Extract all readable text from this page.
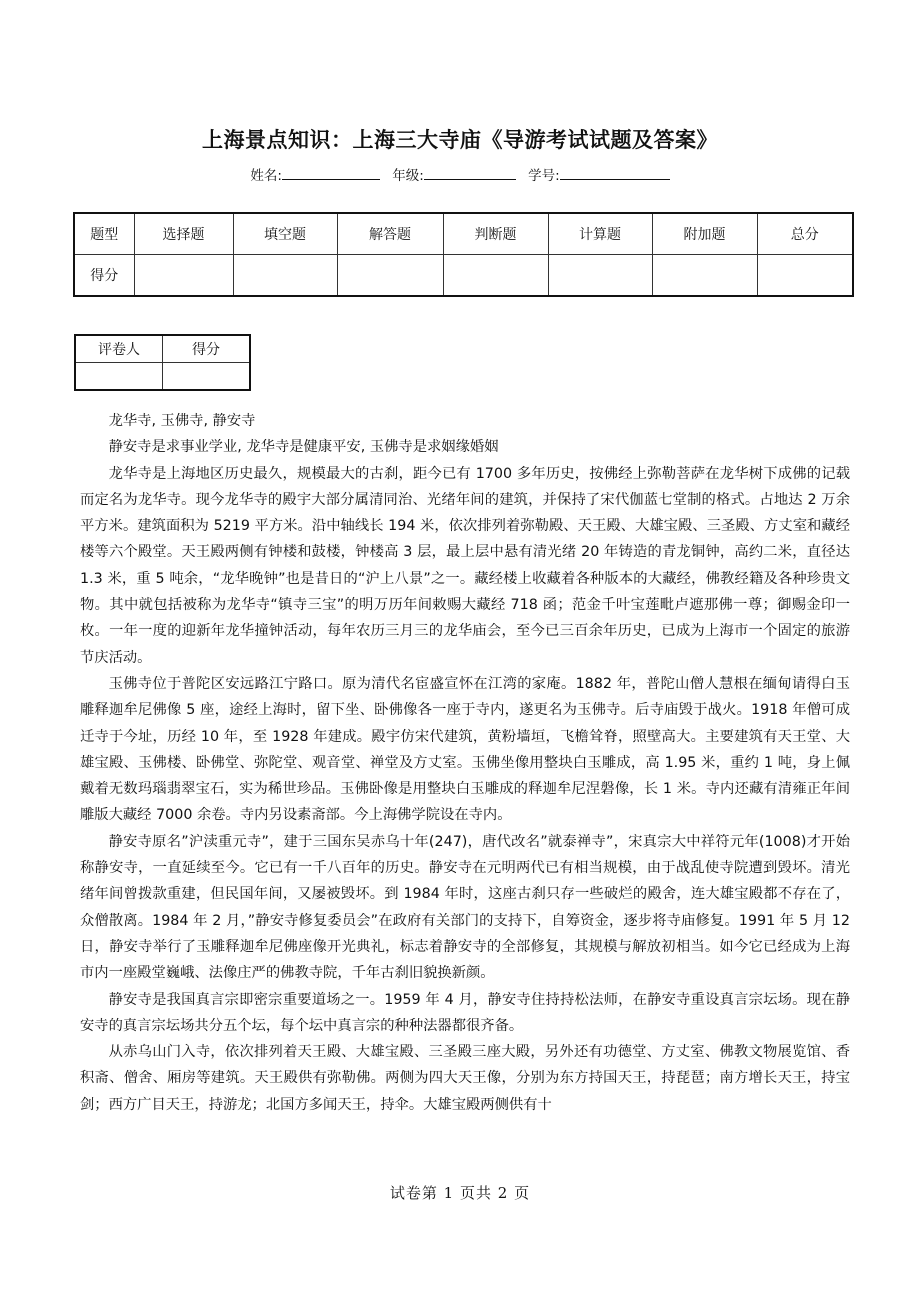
上海景点知识：上海三大寺庙《导游考试试题及答案》
姓名:	年级:	学号:
题型	选择题	填空题	解答题	判断题	计算题	附加题	总分
得分							
评卷人	得分

龙华寺, 玉佛寺, 静安寺

静安寺是求事业学业, 龙华寺是健康平安, 玉佛寺是求姻缘婚姻

龙华寺是上海地区历史最久，规模最大的古刹，距今已有 1700 多年历史，按佛经上弥勒菩萨在龙华树下成佛的记载而定名为龙华寺。现今龙华寺的殿宇大部分属清同治、光绪年间的建筑，并保持了宋代伽蓝七堂制的格式。占地达 2 万余平方米。建筑面积为 5219 平方米。沿中轴线长 194 米，依次排列着弥勒殿、天王殿、大雄宝殿、三圣殿、方丈室和藏经楼等六个殿堂。天王殿两侧有钟楼和鼓楼，钟楼高 3 层，最上层中悬有清光绪 20 年铸造的青龙铜钟，高约二米，直径达 1.3 米，重 5 吨余，“龙华晚钟”也是昔日的“沪上八景”之一。藏经楼上收藏着各种版本的大藏经，佛教经籍及各种珍贵文物。其中就包括被称为龙华寺“镇寺三宝”的明万历年间敕赐大藏经 718 函；范金千叶宝莲毗卢遮那佛一尊；御赐金印一枚。一年一度的迎新年龙华撞钟活动，每年农历三月三的龙华庙会，至今已三百余年历史，已成为上海市一个固定的旅游节庆活动。

玉佛寺位于普陀区安远路江宁路口。原为清代名宦盛宣怀在江湾的家庵。1882 年，普陀山僧人慧根在缅甸请得白玉雕释迦牟尼佛像 5 座，途经上海时，留下坐、卧佛像各一座于寺内，遂更名为玉佛寺。后寺庙毁于战火。1918 年僧可成迁寺于今址，历经 10 年，至 1928 年建成。殿宇仿宋代建筑，黄粉墙垣，飞檐耸脊，照壁高大。主要建筑有天王堂、大雄宝殿、玉佛楼、卧佛堂、弥陀堂、观音堂、禅堂及方丈室。玉佛坐像用整块白玉雕成，高 1.95 米，重约 1 吨，身上佩戴着无数玛瑙翡翠宝石，实为稀世珍品。玉佛卧像是用整块白玉雕成的释迦牟尼涅磐像，长 1 米。寺内还藏有清雍正年间雕版大藏经 7000 余卷。寺内另设素斋部。今上海佛学院设在寺内。

静安寺原名”沪渎重元寺”，建于三国东吴赤乌十年(247)，唐代改名”就泰禅寺”，宋真宗大中祥符元年(1008)才开始称静安寺，一直延续至今。它已有一千八百年的历史。静安寺在元明两代已有相当规模，由于战乱使寺院遭到毁坏。清光绪年间曾拨款重建，但民国年间，又屡被毁坏。到 1984 年时，这座古刹只存一些破烂的殿舍，连大雄宝殿都不存在了，众僧散离。1984 年 2 月，”静安寺修复委员会”在政府有关部门的支持下，自筹资金，逐步将寺庙修复。1991 年 5 月 12 日，静安寺举行了玉雕释迦牟尼佛座像开光典礼，标志着静安寺的全部修复，其规模与解放初相当。如今它已经成为上海市内一座殿堂巍峨、法像庄严的佛教寺院，千年古刹旧貌换新颜。

静安寺是我国真言宗即密宗重要道场之一。1959 年 4 月，静安寺住持持松法师，在静安寺重设真言宗坛场。现在静安寺的真言宗坛场共分五个坛，每个坛中真言宗的种种法器都很齐备。

从赤乌山门入寺，依次排列着天王殿、大雄宝殿、三圣殿三座大殿，另外还有功德堂、方丈室、佛教文物展览馆、香积斋、僧舍、厢房等建筑。天王殿供有弥勒佛。两侧为四大天王像，分别为东方持国天王，持琵琶；南方增长天王，持宝剑；西方广目天王，持游龙；北国方多闻天王，持伞。大雄宝殿两侧供有十

试卷第 1 页共 2 页
